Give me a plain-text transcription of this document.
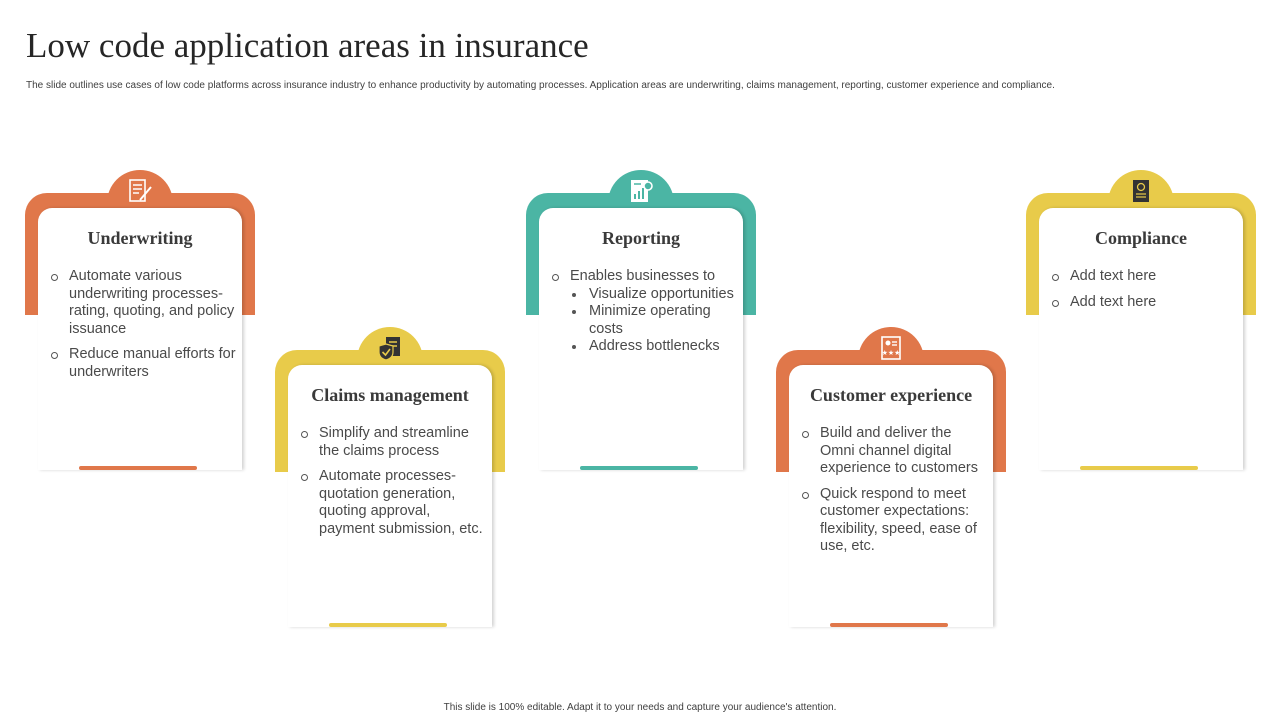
Low code application areas in insurance

The slide outlines use cases of low code platforms across insurance industry to enhance productivity by automating processes. Application areas are underwriting, claims management, reporting, customer experience and compliance.

Underwriting
Automate various underwriting processes-rating, quoting, and policy issuance
Reduce manual efforts for underwriters
Claims management
Simplify and streamline the claims process
Automate processes-quotation generation, quoting approval, payment submission, etc.
Reporting
Enables businesses to
Visualize opportunities
Minimize operating costs
Address bottlenecks	★★★
Customer experience
Build and deliver the Omni channel digital experience to customers
Quick respond to meet customer expectations: flexibility, speed, ease of use, etc.
Compliance
Add text here
Add text here

This slide is 100% editable. Adapt it to your needs and capture your audience's attention.
